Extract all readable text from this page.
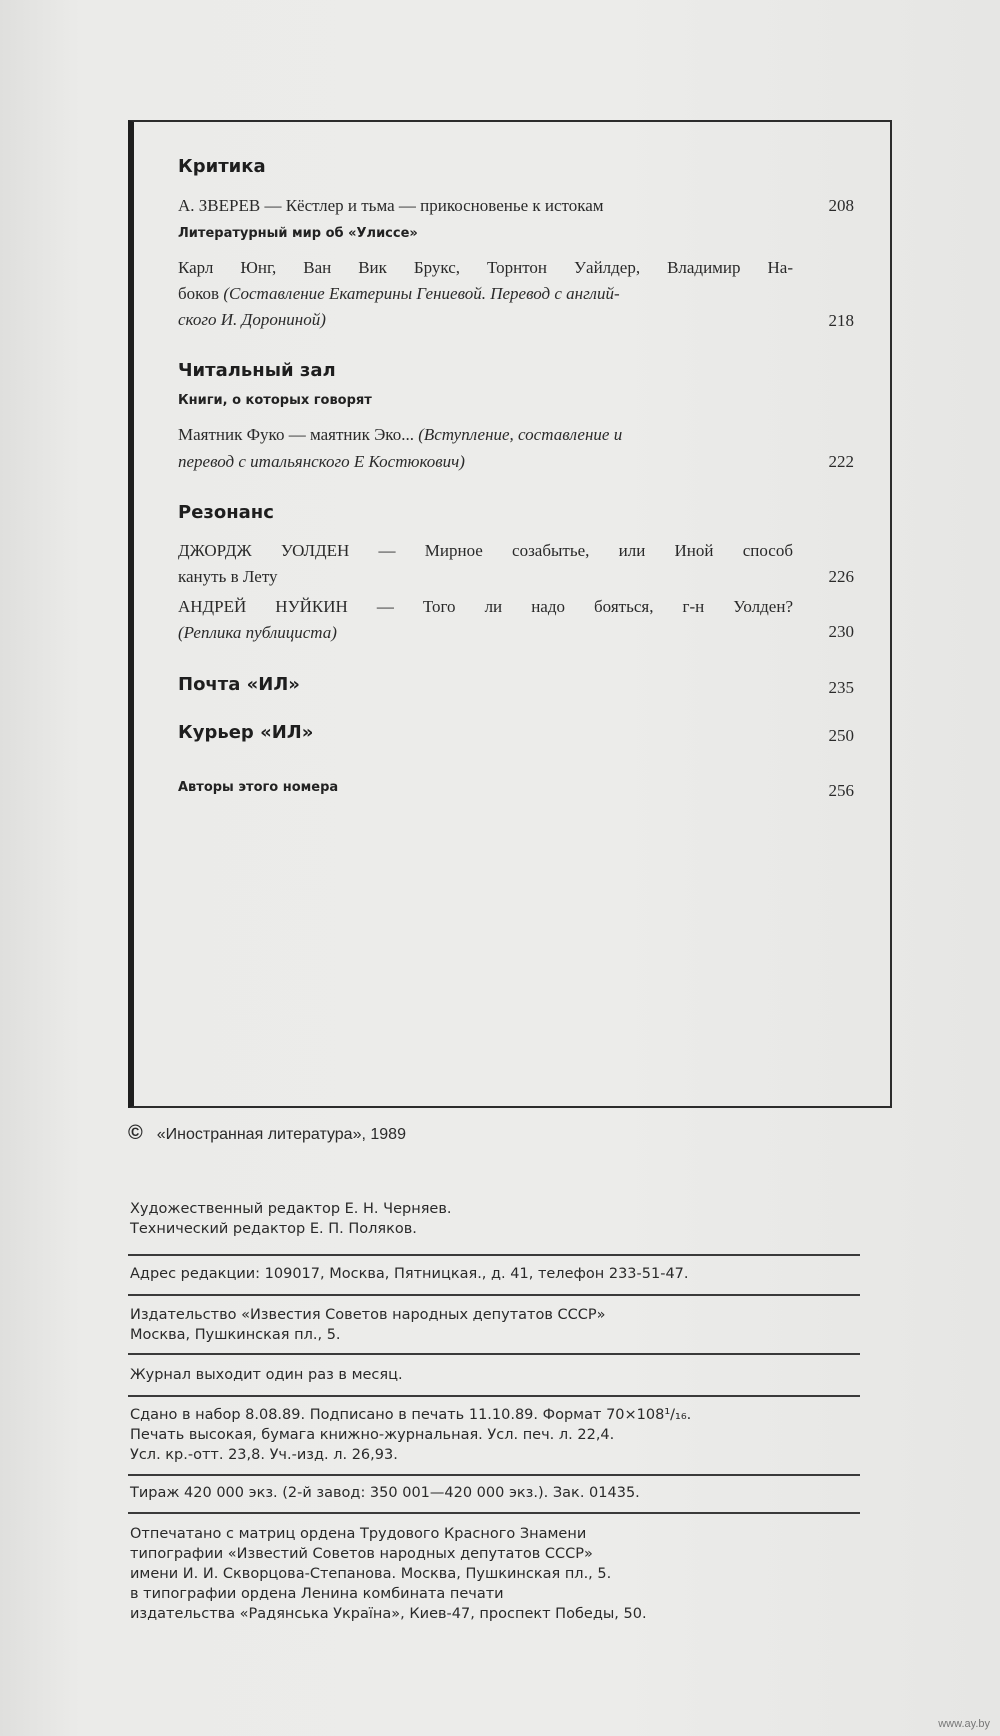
Критика
А. ЗВЕРЕВ — Кёстлер и тьма — прикосновенье к истокам	208
Литературный мир об «Улиссе»
Карл Юнг, Ван Вик Брукс, Торнтон Уайлдер, Владимир На-
боков (Составление Екатерины Гениевой. Перевод с англий-
ского И. Дорониной)	218
Читальный зал
Книги, о которых говорят
Маятник Фуко — маятник Эко... (Вступление, составление и
перевод с итальянского Е Костюкович)	222
Резонанс
ДЖОРДЖ УОЛДЕН — Мирное созабытье, или Иной способ
кануть в Лету	226
АНДРЕЙ НУЙКИН — Того ли надо бояться, г-н Уолден?
(Реплика публициста)	230
Почта «ИЛ»	235
Курьер «ИЛ»	250
Авторы этого номера	256
© «Иностранная литература», 1989
Художественный редактор Е. Н. Черняев.
Технический редактор Е. П. Поляков.
Адрес редакции: 109017, Москва, Пятницкая., д. 41, телефон 233-51-47.
Издательство «Известия Советов народных депутатов СССР»
Москва, Пушкинская пл., 5.
Журнал выходит один раз в месяц.
Сдано в набор 8.08.89. Подписано в печать 11.10.89. Формат 70×108¹/₁₆.
Печать высокая, бумага книжно-журнальная. Усл. печ. л. 22,4.
Усл. кр.-отт. 23,8. Уч.-изд. л. 26,93.
Тираж 420 000 экз. (2-й завод: 350 001—420 000 экз.). Зак. 01435.
Отпечатано с матриц ордена Трудового Красного Знамени
типографии «Известий Советов народных депутатов СССР»
имени И. И. Скворцова-Степанова. Москва, Пушкинская пл., 5.
в типографии ордена Ленина комбината печати
издательства «Радянська Україна», Киев-47, проспект Победы, 50.
www.ay.by
